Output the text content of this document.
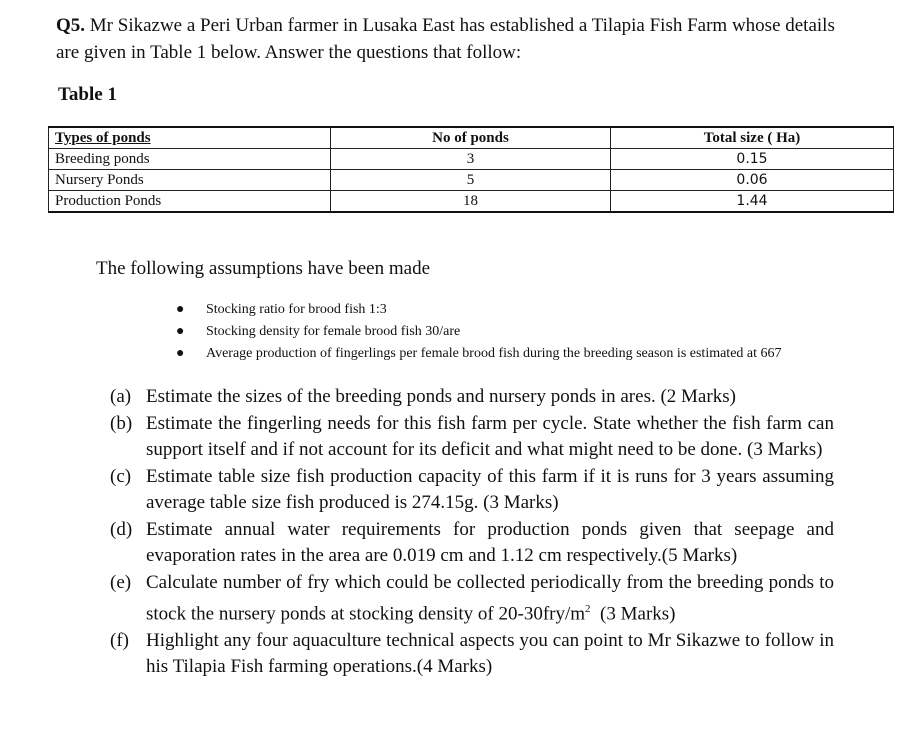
Q5. Mr Sikazwe a Peri Urban farmer in Lusaka East has established a Tilapia Fish Farm whose details are given in Table 1 below. Answer the questions that follow:
Table 1
Types of ponds	No of ponds	Total size ( Ha)
Breeding ponds	3	0.15
Nursery Ponds	5	0.06
Production Ponds	18	1.44
The following assumptions have been made
● Stocking ratio for brood fish 1:3
● Stocking density for female brood fish 30/are
● Average production of fingerlings per female brood fish during the breeding season is estimated at 667
(a) Estimate the sizes of the breeding ponds and nursery ponds in ares. (2 Marks)
(b) Estimate the fingerling needs for this fish farm per cycle. State whether the fish farm can support itself and if not account for its deficit and what might need to be done. (3 Marks)
(c) Estimate table size fish production capacity of this farm if it is runs for 3 years assuming average table size fish produced is 274.15g. (3 Marks)
(d) Estimate annual water requirements for production ponds given that seepage and evaporation rates in the area are 0.019 cm and 1.12 cm respectively.(5 Marks)
(e) Calculate number of fry which could be collected periodically from the breeding ponds to stock the nursery ponds at stocking density of $20-30fry/m^2$  (3 Marks)
(f) Highlight any four aquaculture technical aspects you can point to Mr Sikazwe to follow in his Tilapia Fish farming operations.(4 Marks)
